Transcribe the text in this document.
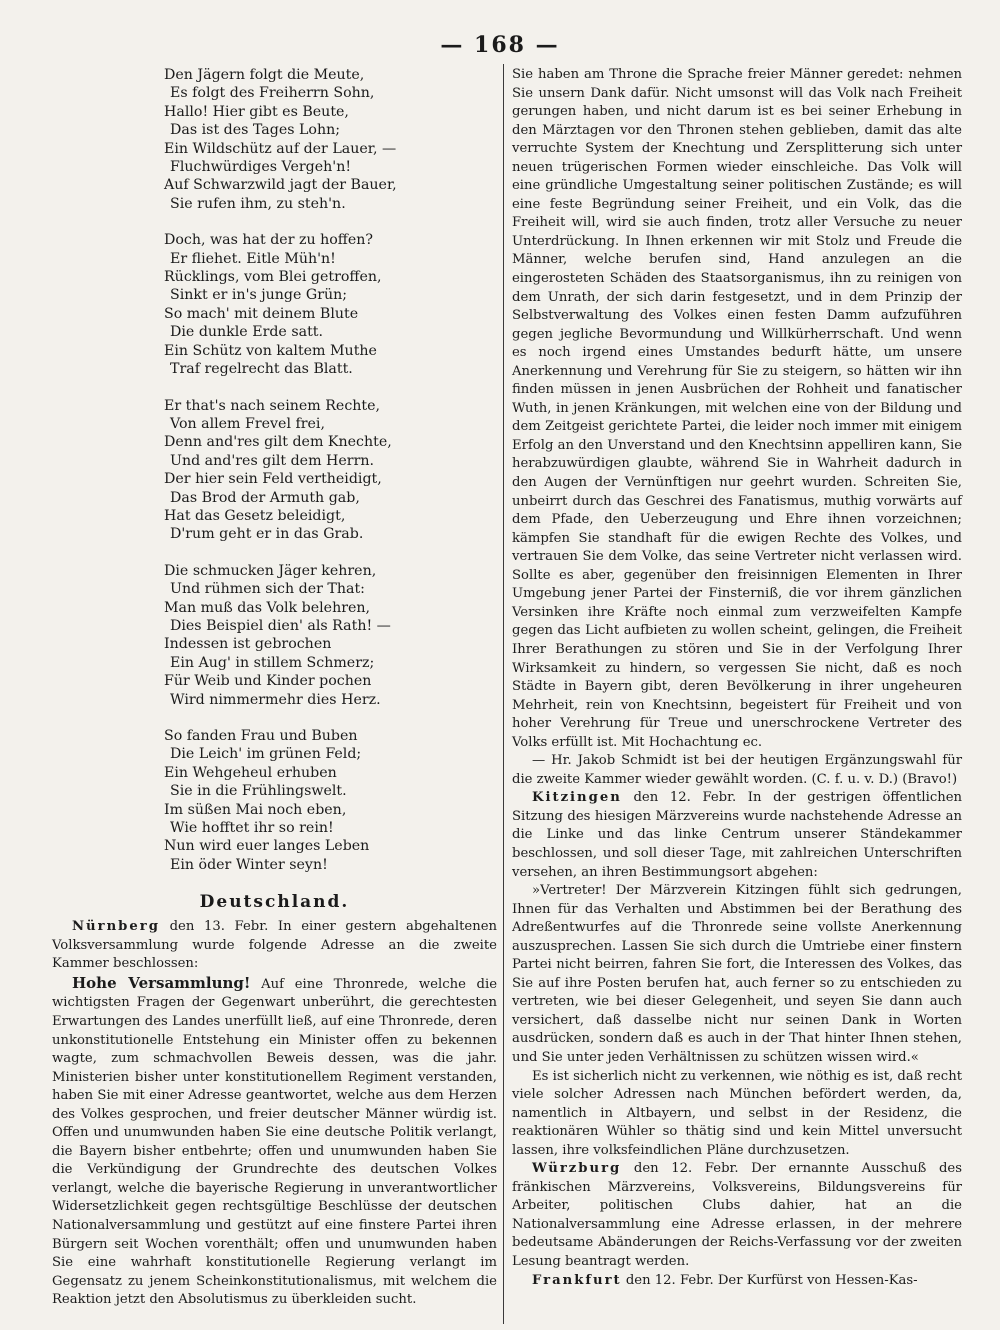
— 168 —
Den Jägern folgt die Meute,
Es folgt des Freiherrn Sohn,
Hallo! Hier gibt es Beute,
Das ist des Tages Lohn;
Ein Wildschütz auf der Lauer, —
Fluchwürdiges Vergeh'n!
Auf Schwarzwild jagt der Bauer,
Sie rufen ihm, zu steh'n.
Doch, was hat der zu hoffen?
Er fliehet. Eitle Müh'n!
Rücklings, vom Blei getroffen,
Sinkt er in's junge Grün;
So mach' mit deinem Blute
Die dunkle Erde satt.
Ein Schütz von kaltem Muthe
Traf regelrecht das Blatt.
Er that's nach seinem Rechte,
Von allem Frevel frei,
Denn and'res gilt dem Knechte,
Und and'res gilt dem Herrn.
Der hier sein Feld vertheidigt,
Das Brod der Armuth gab,
Hat das Gesetz beleidigt,
D'rum geht er in das Grab.
Die schmucken Jäger kehren,
Und rühmen sich der That:
Man muß das Volk belehren,
Dies Beispiel dien' als Rath! —
Indessen ist gebrochen
Ein Aug' in stillem Schmerz;
Für Weib und Kinder pochen
Wird nimmermehr dies Herz.
So fanden Frau und Buben
Die Leich' im grünen Feld;
Ein Wehgeheul erhuben
Sie in die Frühlingswelt.
Im süßen Mai noch eben,
Wie hofftet ihr so rein!
Nun wird euer langes Leben
Ein öder Winter seyn!
Deutschland.

Nürnberg den 13. Febr. In einer gestern abgehaltenen Volksversammlung wurde folgende Adresse an die zweite Kammer beschlossen:

Hohe Versammlung! Auf eine Thronrede, welche die wichtigsten Fragen der Gegenwart unberührt, die gerechtesten Erwartungen des Landes unerfüllt ließ, auf eine Thronrede, deren unkonstitutionelle Entstehung ein Minister offen zu bekennen wagte, zum schmachvollen Beweis dessen, was die jahr. Ministerien bisher unter konstitutionellem Regiment verstanden, haben Sie mit einer Adresse geantwortet, welche aus dem Herzen des Volkes gesprochen, und freier deutscher Männer würdig ist. Offen und unumwunden haben Sie eine deutsche Politik verlangt, die Bayern bisher entbehrte; offen und unumwunden haben Sie die Verkündigung der Grundrechte des deutschen Volkes verlangt, welche die bayerische Regierung in unverantwortlicher Widersetzlichkeit gegen rechtsgültige Beschlüsse der deutschen Nationalversammlung und gestützt auf eine finstere Partei ihren Bürgern seit Wochen vorenthält; offen und unumwunden haben Sie eine wahrhaft konstitutionelle Regierung verlangt im Gegensatz zu jenem Scheinkonstitutionalismus, mit welchem die Reaktion jetzt den Absolutismus zu überkleiden sucht.

Sie haben am Throne die Sprache freier Männer geredet: nehmen Sie unsern Dank dafür. Nicht umsonst will das Volk nach Freiheit gerungen haben, und nicht darum ist es bei seiner Erhebung in den Märztagen vor den Thronen stehen geblieben, damit das alte verruchte System der Knechtung und Zersplitterung sich unter neuen trügerischen Formen wieder einschleiche. Das Volk will eine gründliche Umgestaltung seiner politischen Zustände; es will eine feste Begründung seiner Freiheit, und ein Volk, das die Freiheit will, wird sie auch finden, trotz aller Versuche zu neuer Unterdrückung. In Ihnen erkennen wir mit Stolz und Freude die Männer, welche berufen sind, Hand anzulegen an die eingerosteten Schäden des Staatsorganismus, ihn zu reinigen von dem Unrath, der sich darin festgesetzt, und in dem Prinzip der Selbstverwaltung des Volkes einen festen Damm aufzuführen gegen jegliche Bevormundung und Willkürherrschaft. Und wenn es noch irgend eines Umstandes bedurft hätte, um unsere Anerkennung und Verehrung für Sie zu steigern, so hätten wir ihn finden müssen in jenen Ausbrüchen der Rohheit und fanatischer Wuth, in jenen Kränkungen, mit welchen eine von der Bildung und dem Zeitgeist gerichtete Partei, die leider noch immer mit einigem Erfolg an den Unverstand und den Knechtsinn appelliren kann, Sie herabzuwürdigen glaubte, während Sie in Wahrheit dadurch in den Augen der Vernünftigen nur geehrt wurden. Schreiten Sie, unbeirrt durch das Geschrei des Fanatismus, muthig vorwärts auf dem Pfade, den Ueberzeugung und Ehre ihnen vorzeichnen; kämpfen Sie standhaft für die ewigen Rechte des Volkes, und vertrauen Sie dem Volke, das seine Vertreter nicht verlassen wird. Sollte es aber, gegenüber den freisinnigen Elementen in Ihrer Umgebung jener Partei der Finsterniß, die vor ihrem gänzlichen Versinken ihre Kräfte noch einmal zum verzweifelten Kampfe gegen das Licht aufbieten zu wollen scheint, gelingen, die Freiheit Ihrer Berathungen zu stören und Sie in der Verfolgung Ihrer Wirksamkeit zu hindern, so vergessen Sie nicht, daß es noch Städte in Bayern gibt, deren Bevölkerung in ihrer ungeheuren Mehrheit, rein von Knechtsinn, begeistert für Freiheit und von hoher Verehrung für Treue und unerschrockene Vertreter des Volks erfüllt ist. Mit Hochachtung ec.

— Hr. Jakob Schmidt ist bei der heutigen Ergänzungswahl für die zweite Kammer wieder gewählt worden. (C. f. u. v. D.) (Bravo!)

Kitzingen den 12. Febr. In der gestrigen öffentlichen Sitzung des hiesigen Märzvereins wurde nachstehende Adresse an die Linke und das linke Centrum unserer Ständekammer beschlossen, und soll dieser Tage, mit zahlreichen Unterschriften versehen, an ihren Bestimmungsort abgehen:

»Vertreter! Der Märzverein Kitzingen fühlt sich gedrungen, Ihnen für das Verhalten und Abstimmen bei der Berathung des Adreßentwurfes auf die Thronrede seine vollste Anerkennung auszusprechen. Lassen Sie sich durch die Umtriebe einer finstern Partei nicht beirren, fahren Sie fort, die Interessen des Volkes, das Sie auf ihre Posten berufen hat, auch ferner so zu entschieden zu vertreten, wie bei dieser Gelegenheit, und seyen Sie dann auch versichert, daß dasselbe nicht nur seinen Dank in Worten ausdrücken, sondern daß es auch in der That hinter Ihnen stehen, und Sie unter jeden Verhältnissen zu schützen wissen wird.«

Es ist sicherlich nicht zu verkennen, wie nöthig es ist, daß recht viele solcher Adressen nach München befördert werden, da, namentlich in Altbayern, und selbst in der Residenz, die reaktionären Wühler so thätig sind und kein Mittel unversucht lassen, ihre volksfeindlichen Pläne durchzusetzen.

Würzburg den 12. Febr. Der ernannte Ausschuß des fränkischen Märzvereins, Volksvereins, Bildungsvereins für Arbeiter, politischen Clubs dahier, hat an die Nationalversammlung eine Adresse erlassen, in der mehrere bedeutsame Abänderungen der Reichs-Verfassung vor der zweiten Lesung beantragt werden.

Frankfurt den 12. Febr. Der Kurfürst von Hessen-Kas-
